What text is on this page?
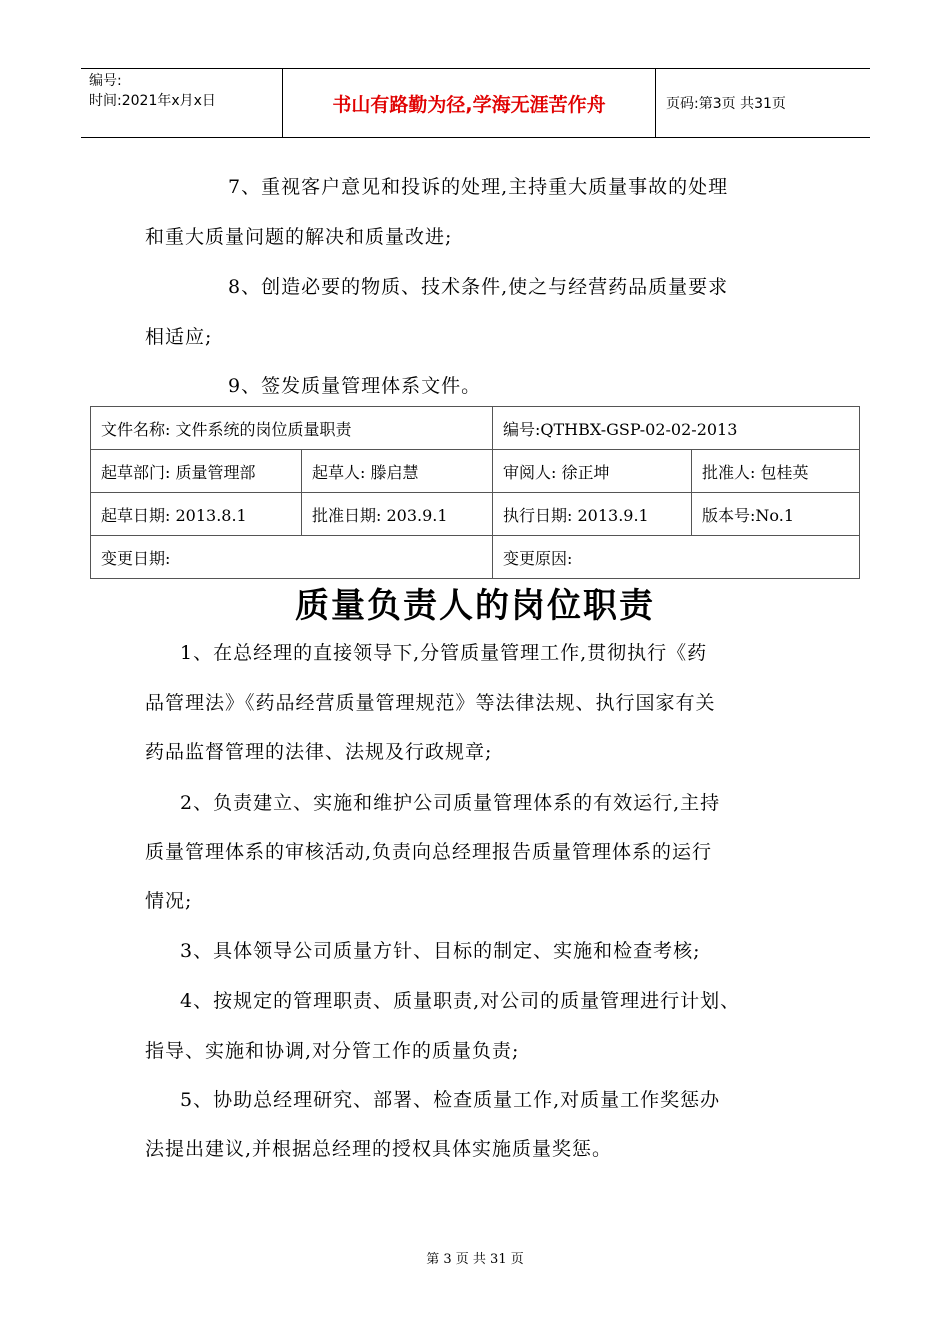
编号:
时间:2021年x月x日	书山有路勤为径,学海无涯苦作舟	页码:第3页 共31页
7、重视客户意见和投诉的处理,主持重大质量事故的处理
和重大质量问题的解决和质量改进;
8、创造必要的物质、技术条件,使之与经营药品质量要求
相适应;
9、签发质量管理体系文件。
文件名称: 文件系统的岗位质量职责		编号:QTHBX-GSP-02-02-2013	
起草部门: 质量管理部	起草人: 滕启慧	审阅人: 徐正坤	批准人: 包桂英
起草日期: 2013.8.1	批准日期: 203.9.1	执行日期: 2013.9.1	版本号:No.1
变更日期:		变更原因:	
质量负责人的岗位职责
1、在总经理的直接领导下,分管质量管理工作,贯彻执行《药
品管理法》《药品经营质量管理规范》等法律法规、执行国家有关
药品监督管理的法律、法规及行政规章;
2、负责建立、实施和维护公司质量管理体系的有效运行,主持
质量管理体系的审核活动,负责向总经理报告质量管理体系的运行
情况;
3、具体领导公司质量方针、目标的制定、实施和检查考核;
4、按规定的管理职责、质量职责,对公司的质量管理进行计划、
指导、实施和协调,对分管工作的质量负责;
5、协助总经理研究、部署、检查质量工作,对质量工作奖惩办
法提出建议,并根据总经理的授权具体实施质量奖惩。
第 3 页 共 31 页
